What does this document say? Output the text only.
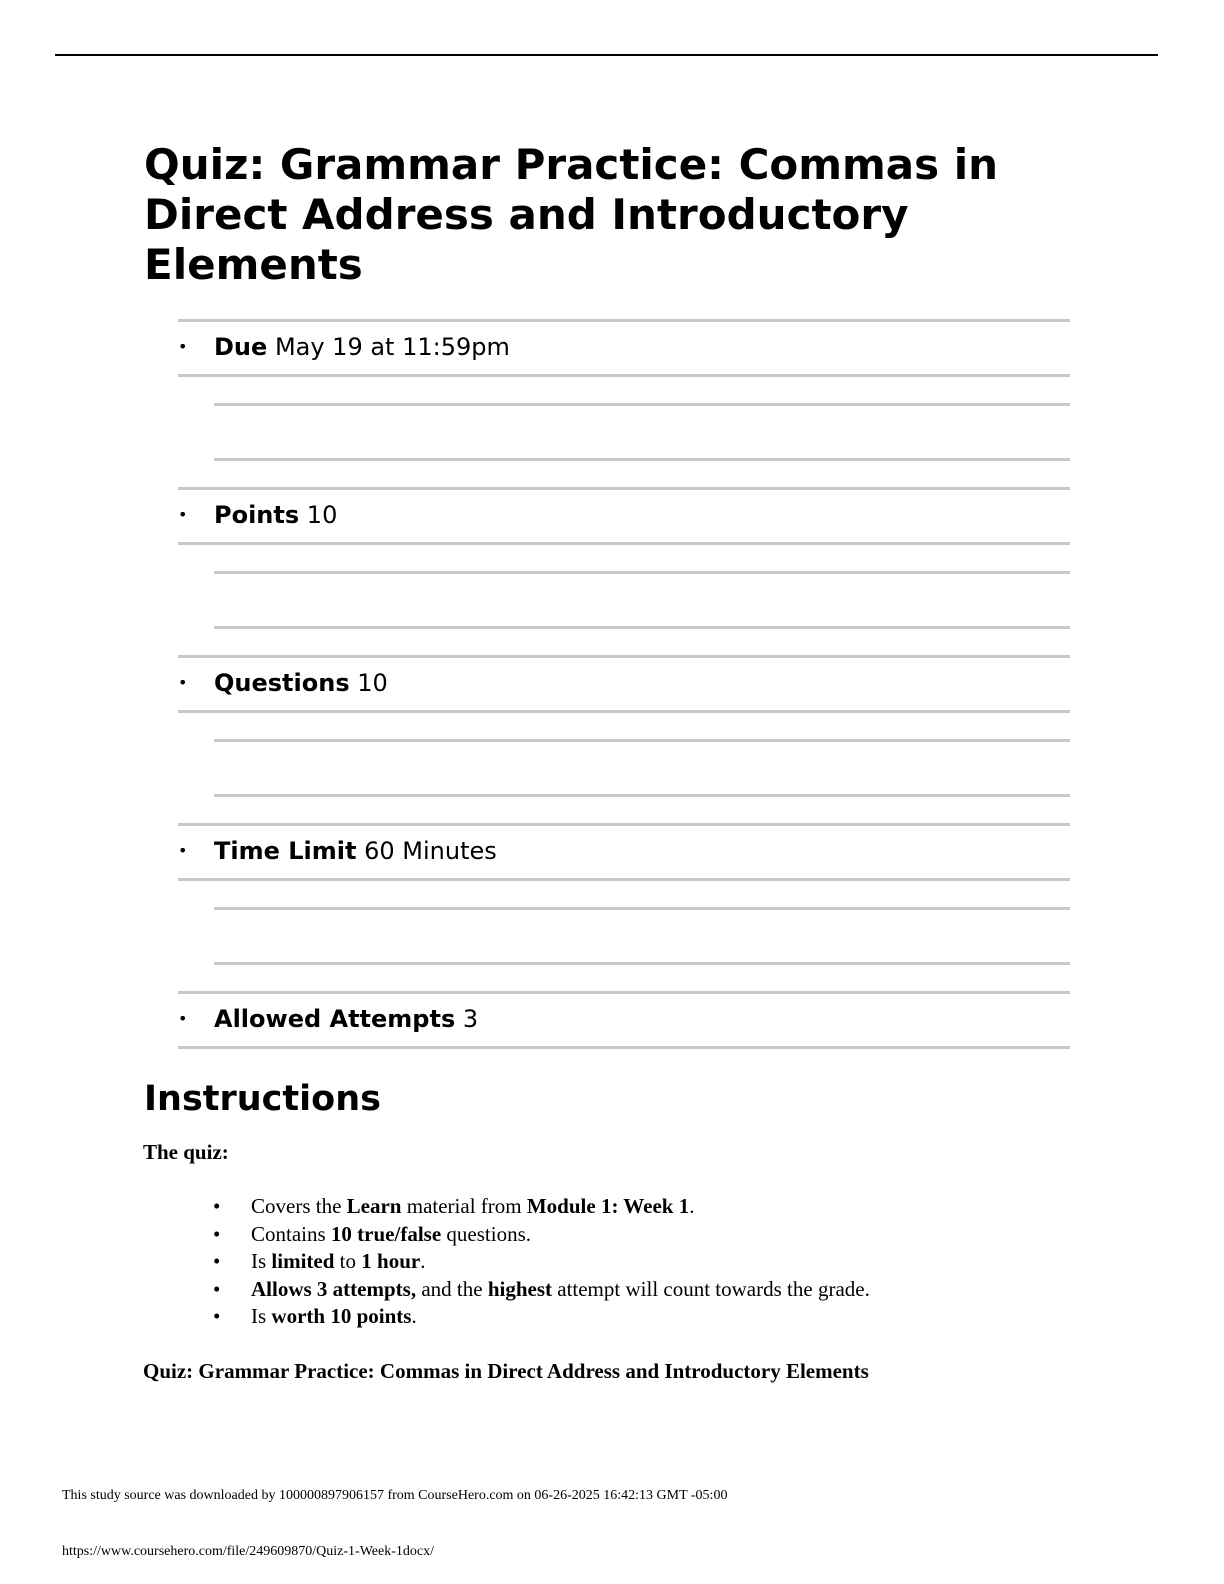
Quiz: Grammar Practice: Commas in Direct Address and Introductory Elements
• Due May 19 at 11:59pm
• Points 10
• Questions 10
• Time Limit 60 Minutes
• Allowed Attempts 3
Instructions
The quiz:
• Covers the Learn material from Module 1: Week 1.
• Contains 10 true/false questions.
• Is limited to 1 hour.
• Allows 3 attempts, and the highest attempt will count towards the grade.
• Is worth 10 points.
Quiz: Grammar Practice: Commas in Direct Address and Introductory Elements
This study source was downloaded by 100000897906157 from CourseHero.com on 06-26-2025 16:42:13 GMT -05:00
https://www.coursehero.com/file/249609870/Quiz-1-Week-1docx/
